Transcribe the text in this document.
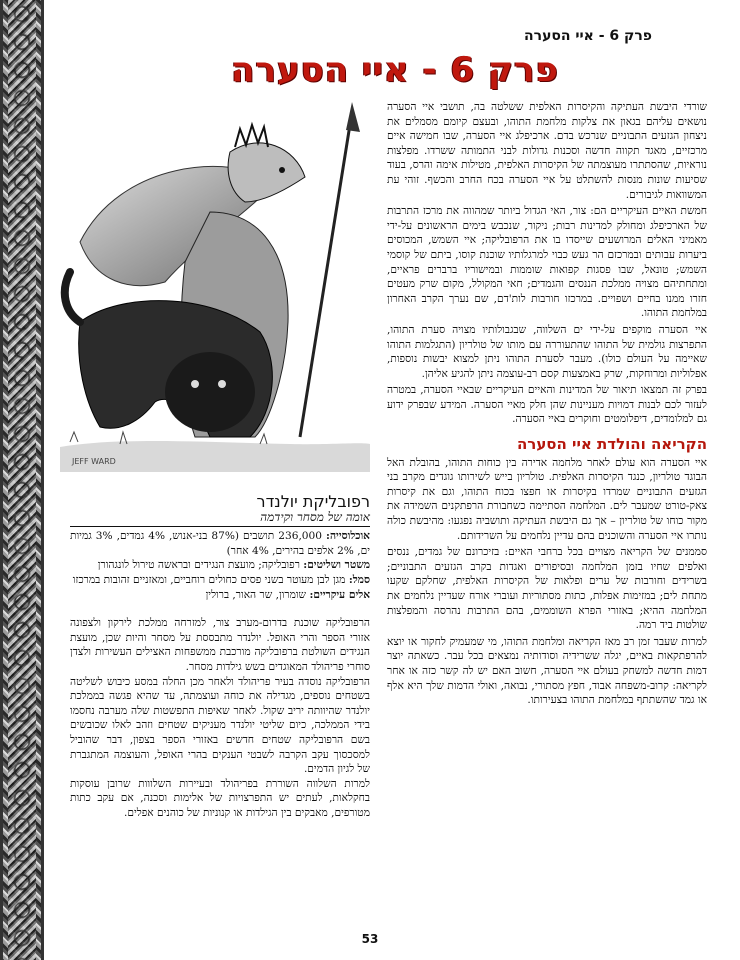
פרק 6 - איי הסערה
פרק 6 - איי הסערה
JEFF WARD

שורדי היבשת העתיקה והקיסרות האלפית ששלטה בה, תושבי איי הסערה נושאים עליהם בגאון את צלקות מלחמת התוהו, ובעצם קיומם מסמלים את ניצחון הגזעים התבוניים שנרכש בדם. ארכיפלג איי הסערה, שבו חמישה איים מרכזיים, מאגד תקווה חדשה וסכנות גדולות לבני התמותה ששרדו. מפלצות נוראיות, שהסתתרו מעוצמתה של הקיסרות האלפית, מטילות אימה והרס, בעוד שסיעות שונות מנסות להשתלט על איי הסערה בכח החרב והכשף. זוהי עת המשוואות לגיבורים.

חמשת האיים העיקריים הם: צור, האי הגדול ביותר שמהווה את מרכז התרבות של הארכיפלג ומחולק למדינות רבות; ניקור, שנכבש בימים הראשונים על-ידי מאמיני האלים המרושעים שייסדו בו את הרפובליקה; איי השמש, המכוסים ביערות עבותים ובמרכזם הר געש כבוי למרגלותיו שוכנת קוסו, ביתם של קוסמי השמש; טונאל, שבו פסגות קפואות שוממות ובמישוריו ברברים פראיים, ומתחתיהם מצויה ממלכת הננסים והגמדים; חאי המקולל, מקום שרק מעטים חזרו ממנו בחיים ושפויים. במרכזו חורבות לות'דם, שם נערך הקרב האחרון במלחמת התוהו.

איי הסערה מוקפים על-ידי ים השלווה, שבגבולותיו מצויה סערת התוהו, התפרצות גולמית של התוהו שהתעוררה עם מותו של טולריון (התגלמות התוהו שאיימה על העולם כולו). מעבר לסערת התוהו ניתן למצוא יבשות נוספות, אפלוליות ומרוחקות, שרק באמצעות קסם רב-עוצמה ניתן להגיע אליהן.

בפרק זה תמצאו תיאור של המדינות והאיים העיקריים שבאיי הסערה, במטרה לעזור לכם לבנות דמויות מעניינות שהן חלק מאיי הסערה. המידע שבפרק ידוע גם למלומדים, דיפלומטים וחוקרים באיי הסערה.

הקריאה והולדת איי הסערה

איי הסערה הוא עולם לאחר מלחמה אדירה בין כוחות התוהו, בהובלת האל הבוגד טולריון, כנגד הקיסרות האלפית. טולריון בייש לשירותו גוגדים מקרב בני הגזעים התבוניים שמרדו בקיסרות או חפצו בכוח התוהו, וגם את קיסרות צאק-טורט שמעבר לים. המלחמה הסתיימה כשחבורת הרפתקנים השמידה את מקור כוחו של טולריון – אך גם היבשת העתיקה ותושביה נפגעו: מהיבשת כולה נותרו איי הסערה והשוכנים בהם עדיין נלחמים על השרידותם.

סממנים של הקריאה מצויים בכל ברחבי האיים: בזיכרונם של גמדים, ננסים ואלפים שחיו בזמן המלחמה ובסיפורים ואגדות בקרב הגזעים התבוניים; בשרידים וחורבות של ערים ופלאות של הקיסרות האלפית, שחלקם שקעו מתחת לים; במזימות אפלות, כתות מסתוריות ועוברי אורח שעדיין נלחמים את המלחמה ההיא; באזורי הפרא השוממים, בהם התרבות נהרסה והמפלצות שולטות ביד רמה.

למרות שעבר זמן רב מאז הקריאה ומלחמת התוהו, מי שמעמיק לחקור או יוצא להרפתקאות באיים, יגלה ששרידיה וסודותיה נמצאים בכל עבר. כשאתה יוצר דמות חדשה למשחק בעולם איי הסערה, חשוב האם יש לה קשר כזה או אחר לקריאה: קרוב-משפחה אבוד, חפץ מסתורי, נבואה, ואולי הדמות שלך היא אלף או גמד שהשתתף במלחמת התוהו בצעירותו.

רפובליקת יולנדר

אומה של מסחר וקידמה

אוכלוסייה: 236,000 תושבים (87% בני-אנוש, 4% גמדים, 3% גמיות ים, 2% אלפים בהירים, 4% אחר)

משטר ושליטים: רפובליקה; מועצת הנגידים ובראשה טירול לונגהורן

סמל: מגן לבן מעוטר בשני פסים כחולים רוחביים, ומאזניים זהובות במרכזו

אלים עיקריים: שומרון, שר האור, ברולין

הרפובליקה שוכנת בדרום-מערב צור, למזרחה ממלכת לירקון ולצפונה אזורי הספר והרי האופל. יולנדר מתבססת על מסחר והיות שכן, מועצת הנגידים השולטת ברפובליקה מורכבת ממשפחות האצילים העשירות ולצדן סוחרי פריהולד המאוגדים בשש גילדות מסחר.

הרפובליקה נוסדה בעיר פריהולד ולאחר מכן החלה במסע כיבוש לשליטה בשטחים נוספים, מגדילה את כוחה ועוצמתה, עד שהיא פגשה בממלכת יולנדר שהיוותה יריב שקול. לאחר שאיפות התפשטות שלה מערבה נחסמו בידי הממלכה, כיום שליטי יולנדר מעניקים שטחים וזהב לאלו שכובשים בשם הרפובליקה שטחים חדשים באזורי הספר בצפון, דבר שהוביל למסכסוך עקב הקרבה לשבטי הענקים בהרי האופל, והעוצמה המתגברת של לגיון הדמים.

למרות השלווה השוררת בפריהולד ובעיירות השלווות שרובן עוסקות בחקלאות, לעתים יש התפרצויות של אלימות וסכנה, אם עקב כתות מטורפים, מאבקים בין הגילדות או קנוניות של כוהנים אפלים.

53
